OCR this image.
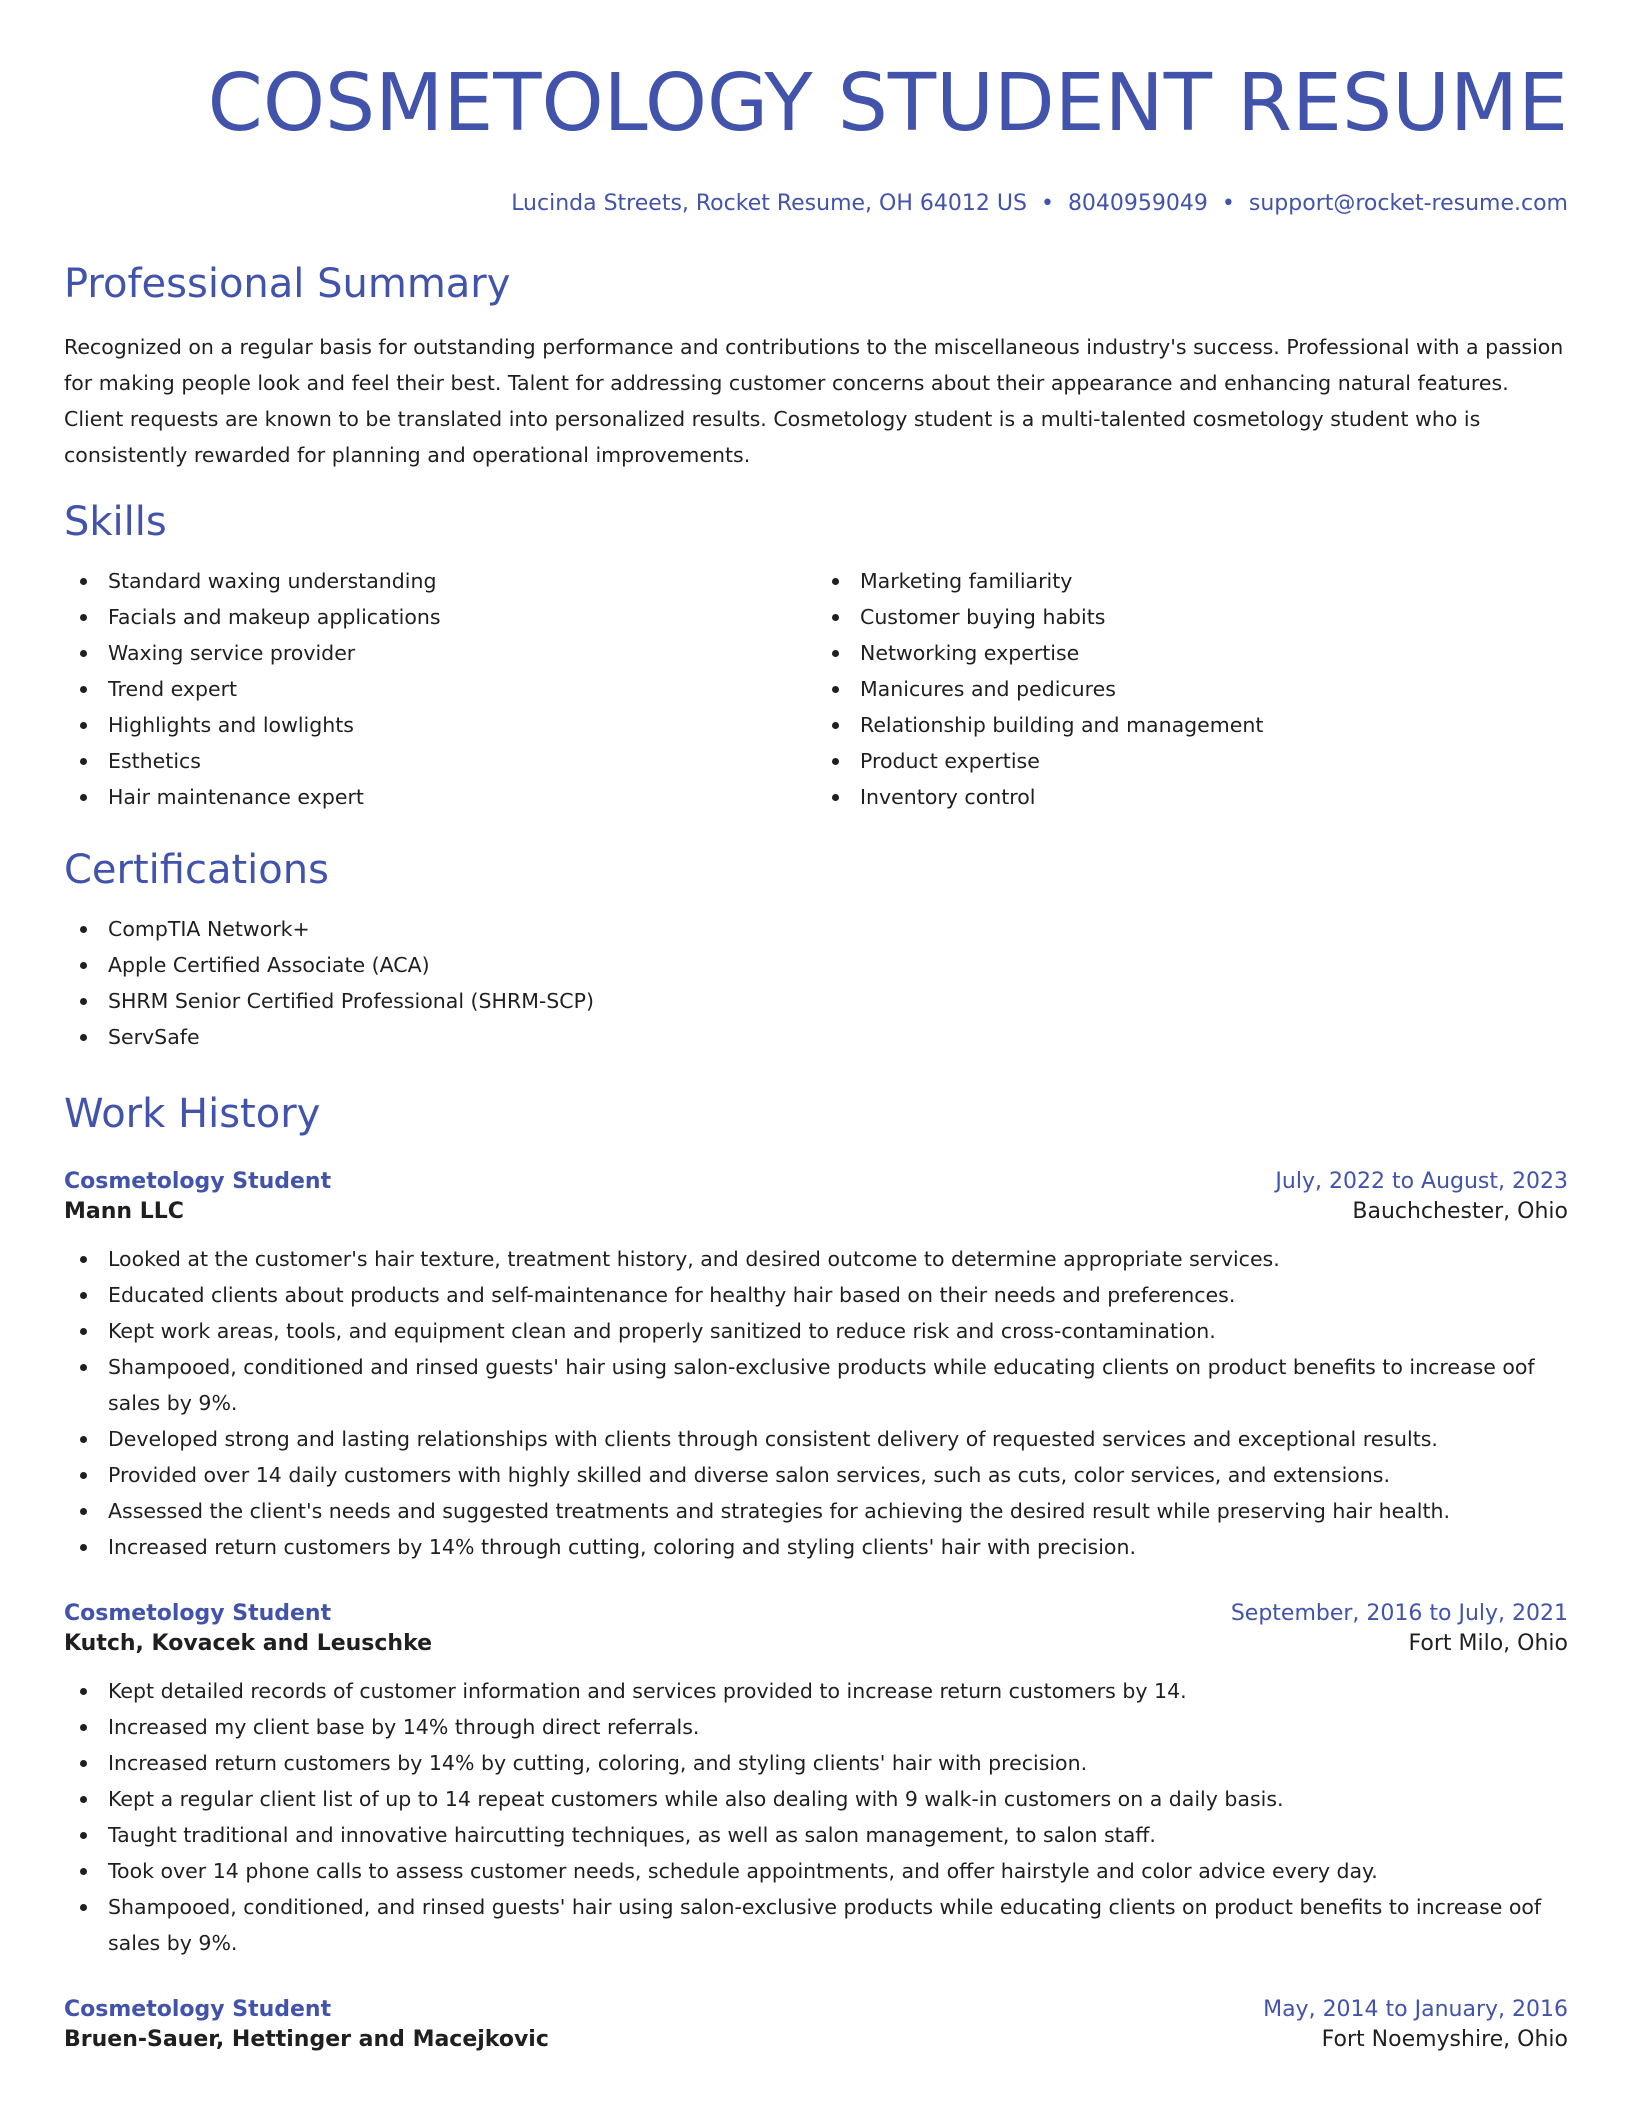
COSMETOLOGY STUDENT RESUME
Lucinda Streets, Rocket Resume, OH 64012 US • 8040959049 • support@rocket-resume.com
Professional Summary
Recognized on a regular basis for outstanding performance and contributions to the miscellaneous industry's success. Professional with a passion for making people look and feel their best. Talent for addressing customer concerns about their appearance and enhancing natural features. Client requests are known to be translated into personalized results. Cosmetology student is a multi-talented cosmetology student who is consistently rewarded for planning and operational improvements.
Skills
Standard waxing understanding
Facials and makeup applications
Waxing service provider
Trend expert
Highlights and lowlights
Esthetics
Hair maintenance expert
Marketing familiarity
Customer buying habits
Networking expertise
Manicures and pedicures
Relationship building and management
Product expertise
Inventory control
Certifications
CompTIA Network+
Apple Certified Associate (ACA)
SHRM Senior Certified Professional (SHRM-SCP)
ServSafe
Work History
Cosmetology Student	July, 2022 to August, 2023
Mann LLC	Bauchchester, Ohio
Looked at the customer's hair texture, treatment history, and desired outcome to determine appropriate services.
Educated clients about products and self-maintenance for healthy hair based on their needs and preferences.
Kept work areas, tools, and equipment clean and properly sanitized to reduce risk and cross-contamination.
Shampooed, conditioned and rinsed guests' hair using salon-exclusive products while educating clients on product benefits to increase oof sales by 9%.
Developed strong and lasting relationships with clients through consistent delivery of requested services and exceptional results.
Provided over 14 daily customers with highly skilled and diverse salon services, such as cuts, color services, and extensions.
Assessed the client's needs and suggested treatments and strategies for achieving the desired result while preserving hair health.
Increased return customers by 14% through cutting, coloring and styling clients' hair with precision.
Cosmetology Student	September, 2016 to July, 2021
Kutch, Kovacek and Leuschke	Fort Milo, Ohio
Kept detailed records of customer information and services provided to increase return customers by 14.
Increased my client base by 14% through direct referrals.
Increased return customers by 14% by cutting, coloring, and styling clients' hair with precision.
Kept a regular client list of up to 14 repeat customers while also dealing with 9 walk-in customers on a daily basis.
Taught traditional and innovative haircutting techniques, as well as salon management, to salon staff.
Took over 14 phone calls to assess customer needs, schedule appointments, and offer hairstyle and color advice every day.
Shampooed, conditioned, and rinsed guests' hair using salon-exclusive products while educating clients on product benefits to increase oof sales by 9%.
Cosmetology Student	May, 2014 to January, 2016
Bruen-Sauer, Hettinger and Macejkovic	Fort Noemyshire, Ohio
